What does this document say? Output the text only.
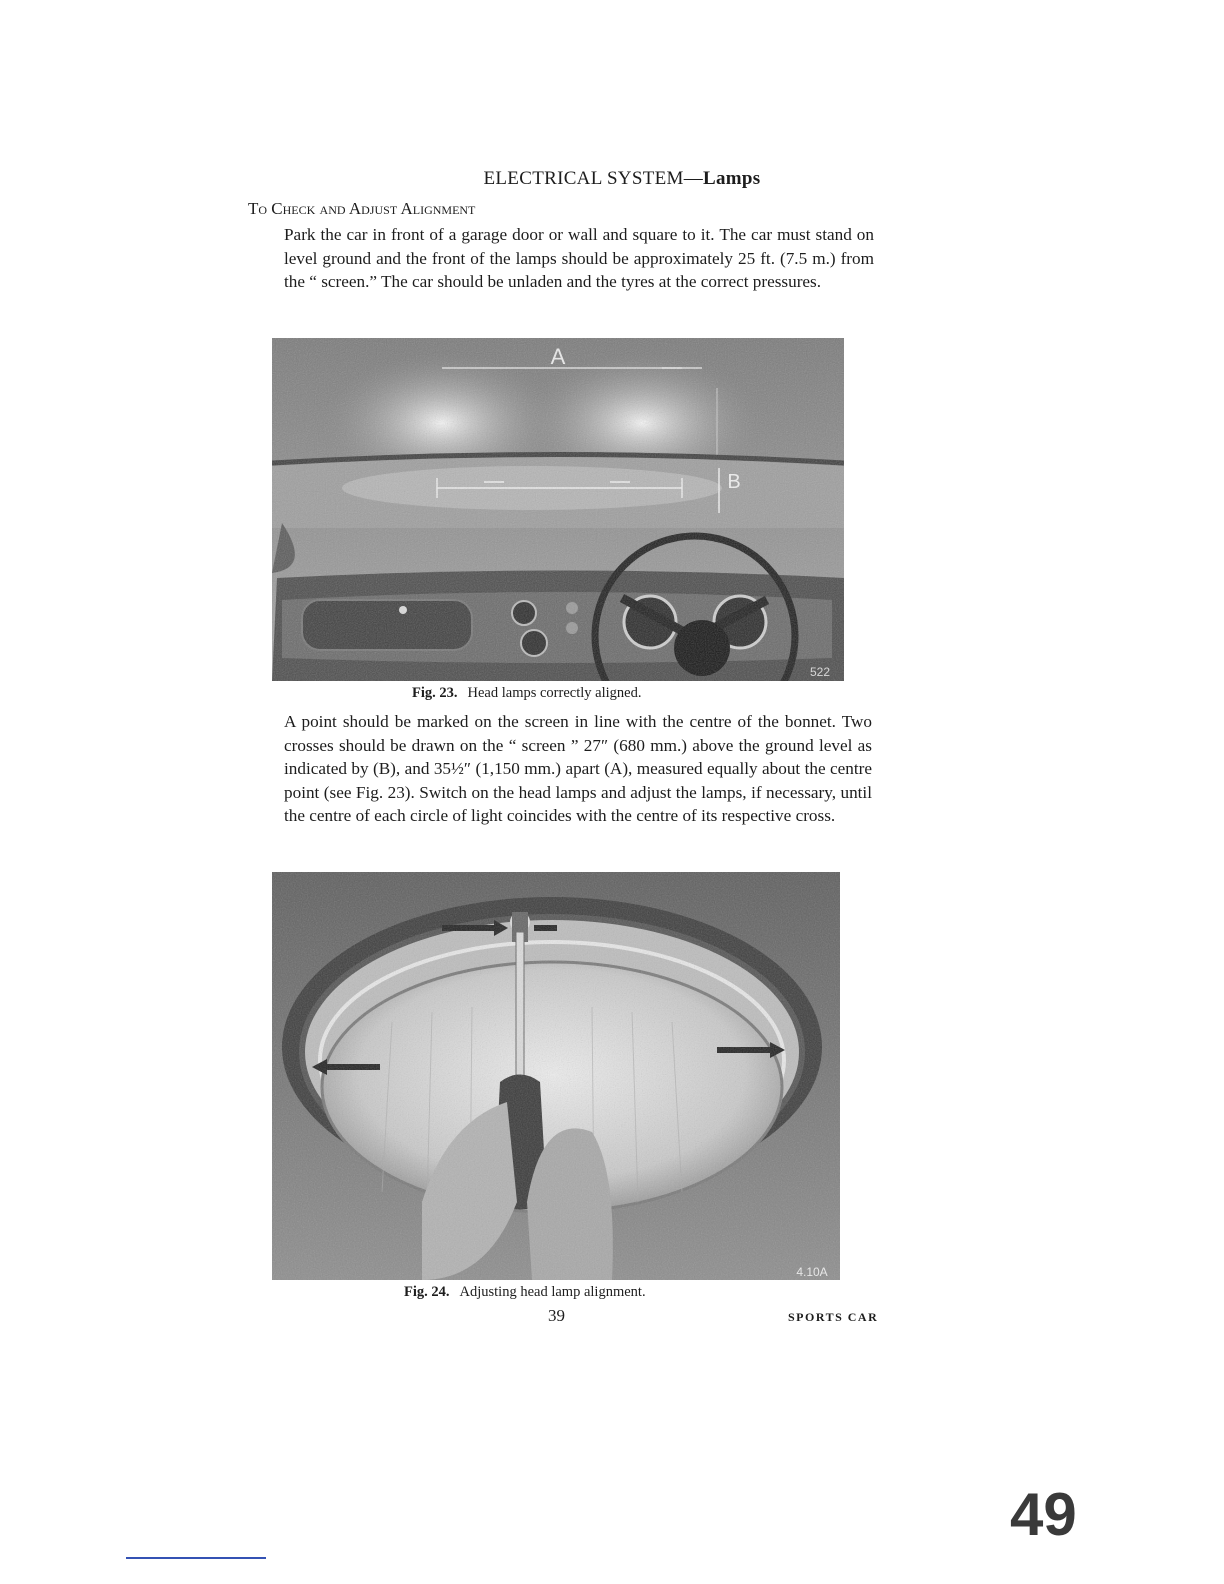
ELECTRICAL SYSTEM—Lamps
To Check and Adjust Alignment
Park the car in front of a garage door or wall and square to it. The car must stand on level ground and the front of the lamps should be approximately 25 ft. (7.5 m.) from the “ screen.” The car should be unladen and the tyres at the correct pressures.
Fig. 23. Head lamps correctly aligned.
A point should be marked on the screen in line with the centre of the bonnet. Two crosses should be drawn on the “ screen ” 27″ (680 mm.) above the ground level as indicated by (B), and 35½″ (1,150 mm.) apart (A), measured equally about the centre point (see Fig. 23). Switch on the head lamps and adjust the lamps, if necessary, until the centre of each circle of light coincides with the centre of its respective cross.
Fig. 24. Adjusting head lamp alignment.
39	SPORTS CAR
49
